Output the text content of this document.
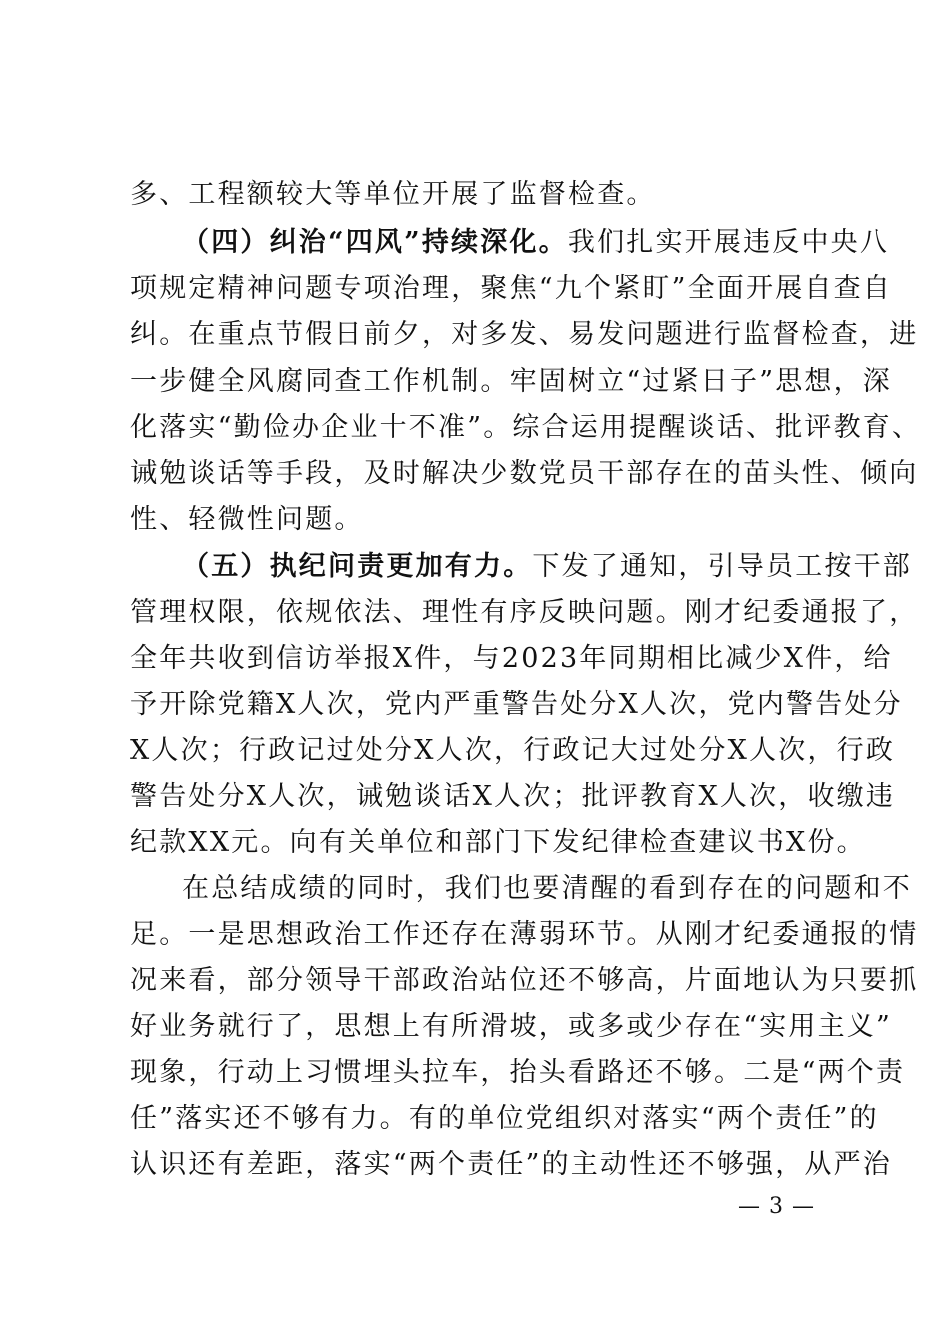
多、工程额较大等单位开展了监督检查。
（四）纠治“四风”持续深化。我们扎实开展违反中央八
项规定精神问题专项治理，聚焦“九个紧盯”全面开展自查自
纠。在重点节假日前夕，对多发、易发问题进行监督检查，进
一步健全风腐同查工作机制。牢固树立“过紧日子”思想，深
化落实“勤俭办企业十不准”。综合运用提醒谈话、批评教育、
诫勉谈话等手段，及时解决少数党员干部存在的苗头性、倾向
性、轻微性问题。
（五）执纪问责更加有力。下发了通知，引导员工按干部
管理权限，依规依法、理性有序反映问题。刚才纪委通报了，
全年共收到信访举报X件，与2023年同期相比减少X件，给
予开除党籍X人次，党内严重警告处分X人次，党内警告处分
X人次；行政记过处分X人次，行政记大过处分X人次，行政
警告处分X人次，诫勉谈话X人次；批评教育X人次，收缴违
纪款XX元。向有关单位和部门下发纪律检查建议书X份。
在总结成绩的同时，我们也要清醒的看到存在的问题和不
足。一是思想政治工作还存在薄弱环节。从刚才纪委通报的情
况来看，部分领导干部政治站位还不够高，片面地认为只要抓
好业务就行了，思想上有所滑坡，或多或少存在“实用主义”
现象，行动上习惯埋头拉车，抬头看路还不够。二是“两个责
任”落实还不够有力。有的单位党组织对落实“两个责任”的
认识还有差距，落实“两个责任”的主动性还不够强，从严治
— 3 —
